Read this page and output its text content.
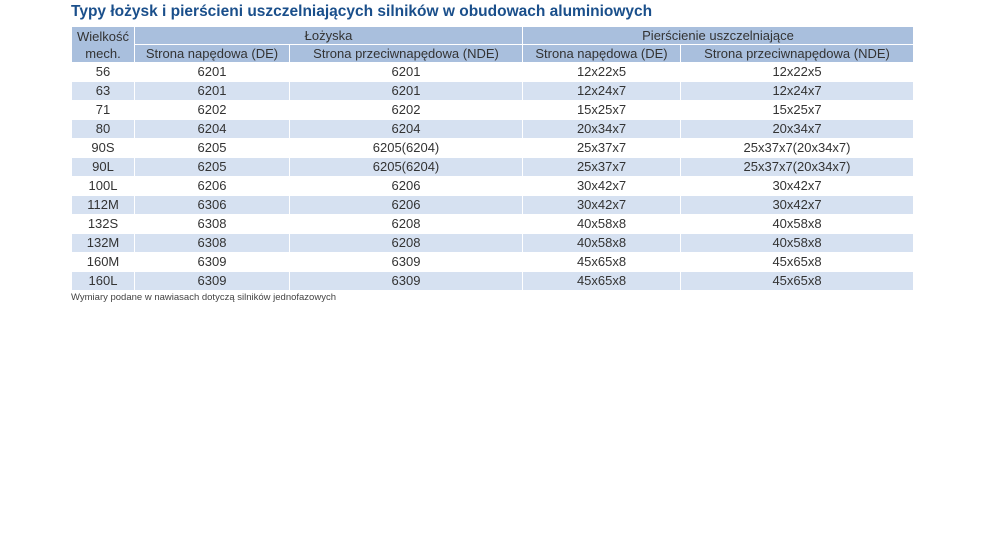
Typy łożysk i pierścieni uszczelniających silników w obudowach aluminiowych
Wielkość
mech.	Łożyska		Pierścienie uszczelniające	
	Strona napędowa (DE)	Strona przeciwnapędowa (NDE)	Strona napędowa (DE)	Strona przeciwnapędowa (NDE)
56	6201	6201	12x22x5	12x22x5
63	6201	6201	12x24x7	12x24x7
71	6202	6202	15x25x7	15x25x7
80	6204	6204	20x34x7	20x34x7
90S	6205	6205(6204)	25x37x7	25x37x7(20x34x7)
90L	6205	6205(6204)	25x37x7	25x37x7(20x34x7)
100L	6206	6206	30x42x7	30x42x7
112M	6306	6206	30x42x7	30x42x7
132S	6308	6208	40x58x8	40x58x8
132M	6308	6208	40x58x8	40x58x8
160M	6309	6309	45x65x8	45x65x8
160L	6309	6309	45x65x8	45x65x8
Wymiary podane w nawiasach dotyczą silników jednofazowych
